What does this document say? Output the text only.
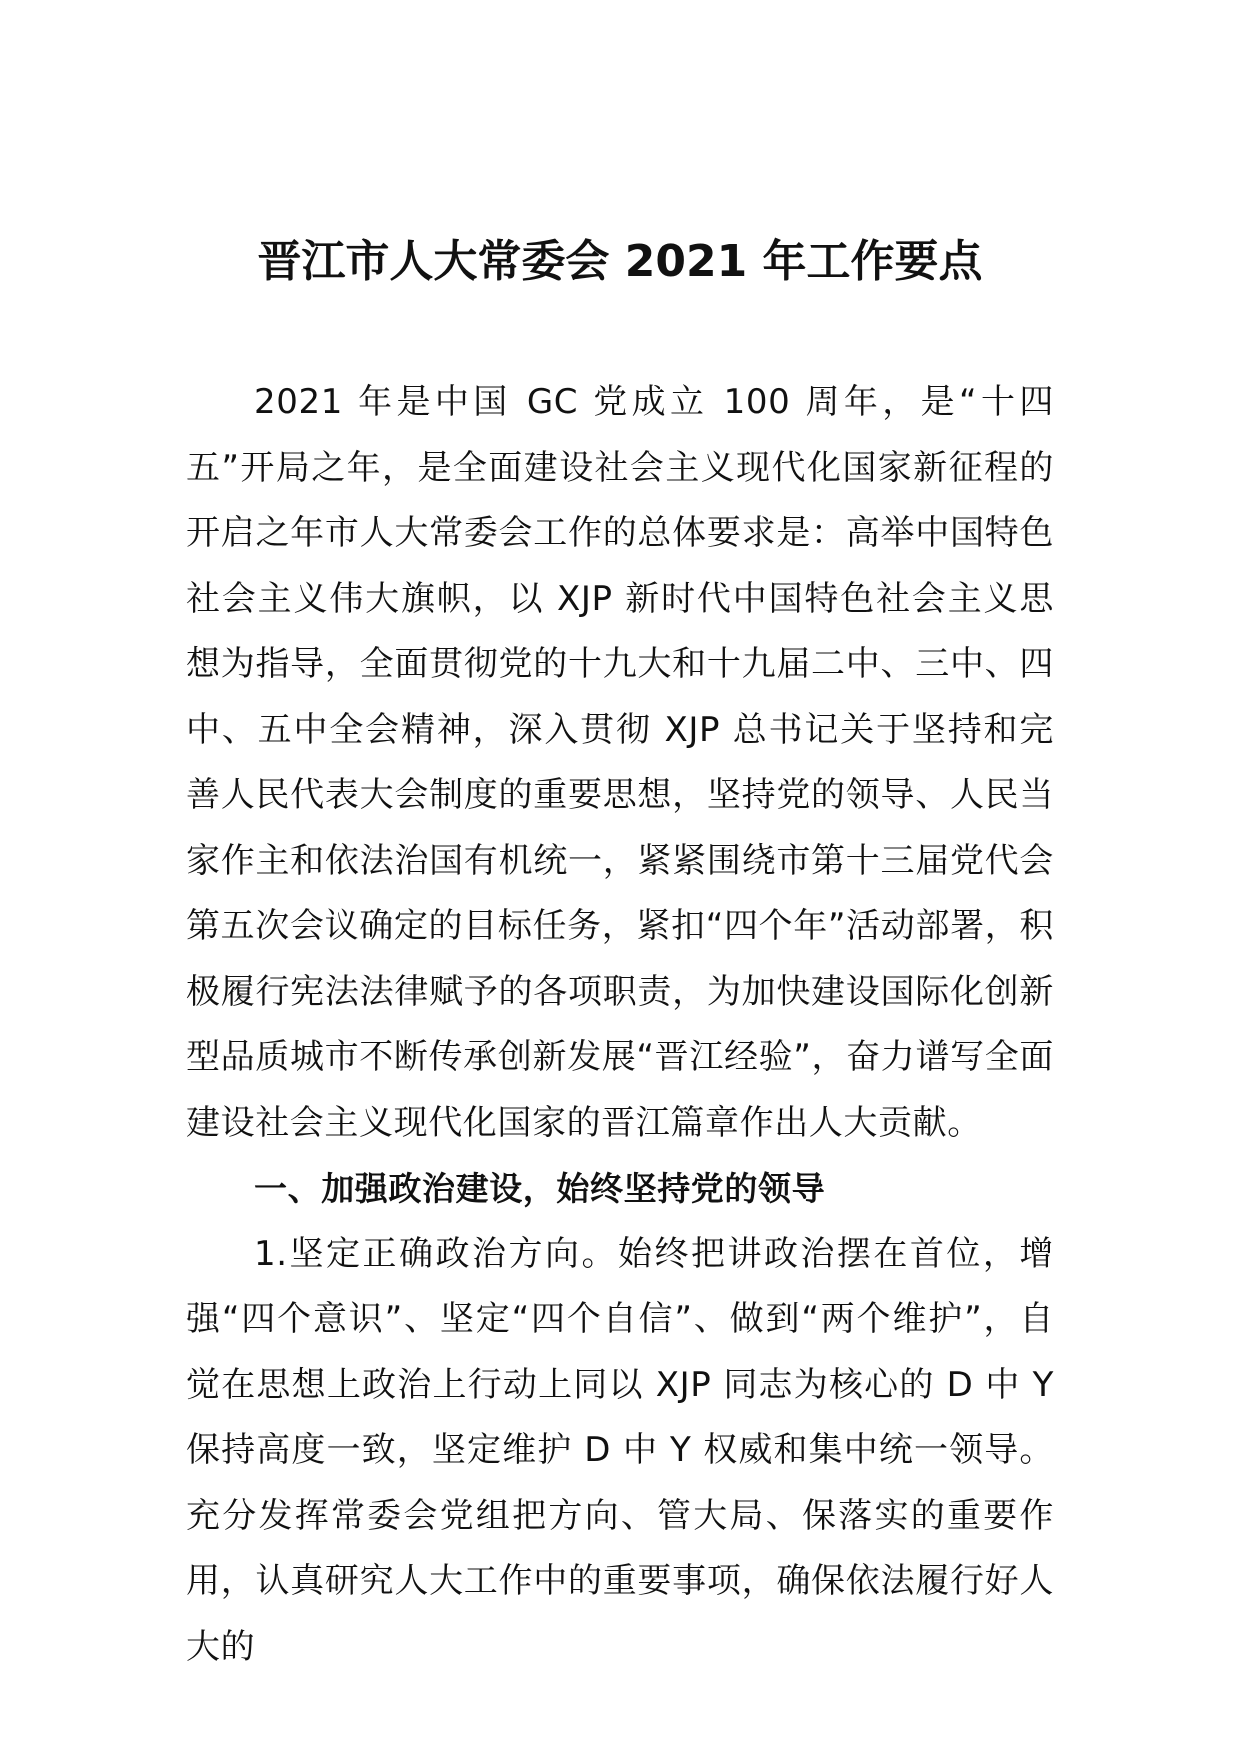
晋江市人大常委会 2021 年工作要点

2021 年是中国 GC 党成立 100 周年，是“十四五”开局之年，是全面建设社会主义现代化国家新征程的开启之年市人大常委会工作的总体要求是：高举中国特色社会主义伟大旗帜，以 XJP 新时代中国特色社会主义思想为指导，全面贯彻党的十九大和十九届二中、三中、四中、五中全会精神，深入贯彻 XJP 总书记关于坚持和完善人民代表大会制度的重要思想，坚持党的领导、人民当家作主和依法治国有机统一，紧紧围绕市第十三届党代会第五次会议确定的目标任务，紧扣“四个年”活动部署，积极履行宪法法律赋予的各项职责，为加快建设国际化创新型品质城市不断传承创新发展“晋江经验”，奋力谱写全面建设社会主义现代化国家的晋江篇章作出人大贡献。

一、加强政治建设，始终坚持党的领导

1.坚定正确政治方向。始终把讲政治摆在首位，增强“四个意识”、坚定“四个自信”、做到“两个维护”，自觉在思想上政治上行动上同以 XJP 同志为核心的 D 中 Y 保持高度一致，坚定维护 D 中 Y 权威和集中统一领导。充分发挥常委会党组把方向、管大局、保落实的重要作用，认真研究人大工作中的重要事项，确保依法履行好人大的
